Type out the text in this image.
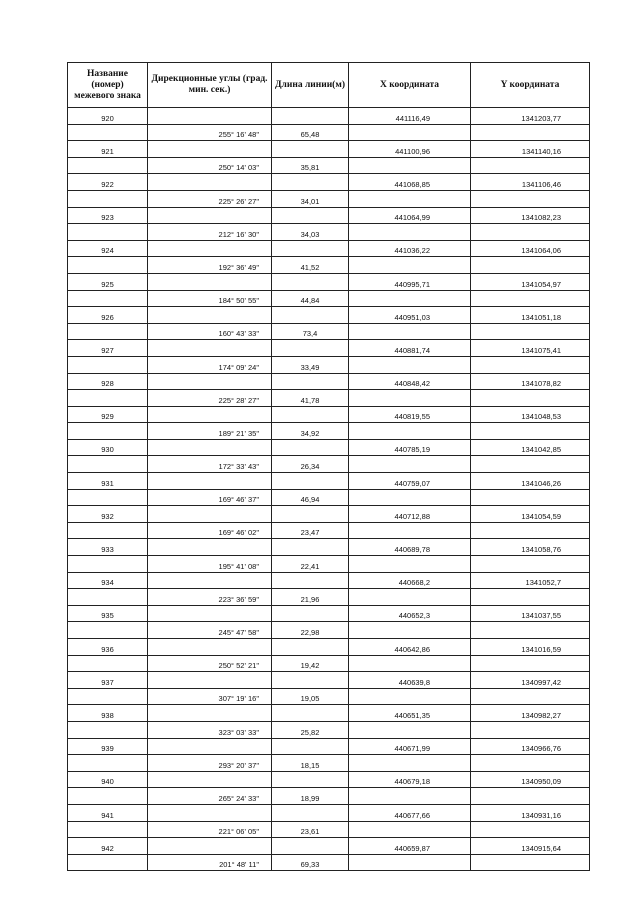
Название (номер) межевого знака	Дирекционные углы (град. мин. сек.)	Длина линии(м)	X координата	Y координата
920			441116,49	1341203,77
	255° 16' 48"	65,48		
921			441100,96	1341140,16
	250° 14' 03"	35,81		
922			441068,85	1341106,46
	225° 26' 27"	34,01		
923			441064,99	1341082,23
	212° 16' 30"	34,03		
924			441036,22	1341064,06
	192° 36' 49"	41,52		
925			440995,71	1341054,97
	184° 50' 55"	44,84		
926			440951,03	1341051,18
	160° 43' 33"	73,4		
927			440881,74	1341075,41
	174° 09' 24"	33,49		
928			440848,42	1341078,82
	225° 28' 27"	41,78		
929			440819,55	1341048,53
	189° 21' 35"	34,92		
930			440785,19	1341042,85
	172° 33' 43"	26,34		
931			440759,07	1341046,26
	169° 46' 37"	46,94		
932			440712,88	1341054,59
	169° 46' 02"	23,47		
933			440689,78	1341058,76
	195° 41' 08"	22,41		
934			440668,2	1341052,7
	223° 36' 59"	21,96		
935			440652,3	1341037,55
	245° 47' 58"	22,98		
936			440642,86	1341016,59
	250° 52' 21"	19,42		
937			440639,8	1340997,42
	307° 19' 16"	19,05		
938			440651,35	1340982,27
	323° 03' 33"	25,82		
939			440671,99	1340966,76
	293° 20' 37"	18,15		
940			440679,18	1340950,09
	265° 24' 33"	18,99		
941			440677,66	1340931,16
	221° 06' 05"	23,61		
942			440659,87	1340915,64
	201° 48' 11"	69,33		
